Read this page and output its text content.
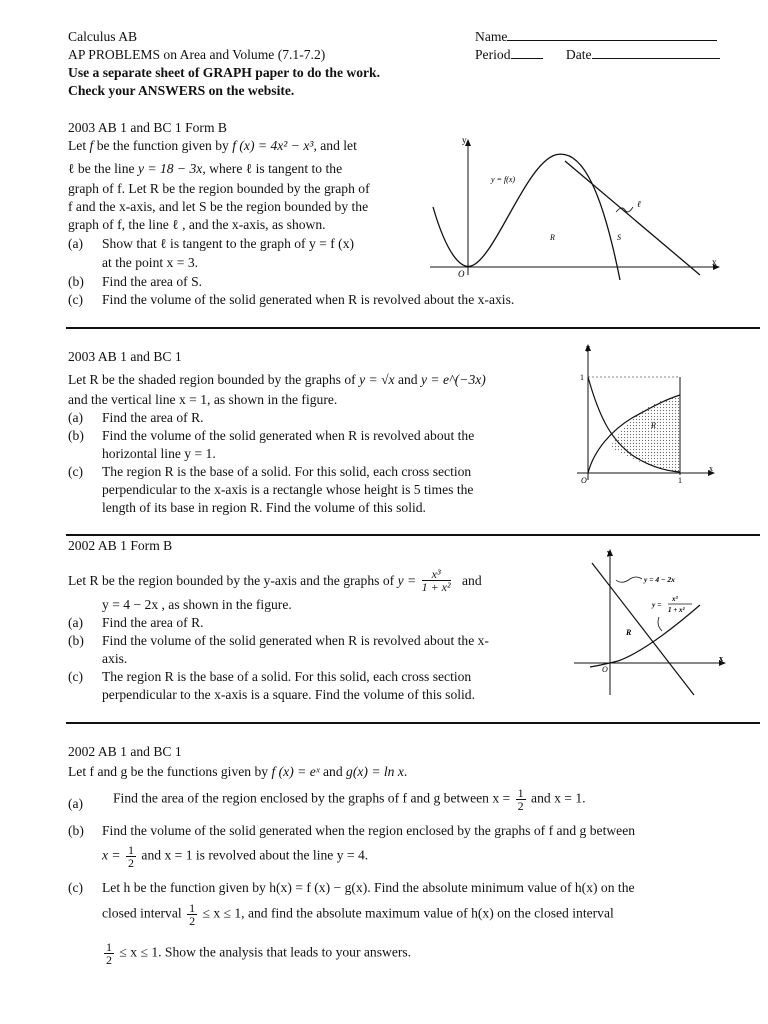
Calculus AB
AP PROBLEMS on Area and Volume (7.1-7.2)
Use a separate sheet of GRAPH paper to do the work.
Check your ANSWERS on the website.
Name
Period	Date
2003 AB 1 and BC 1 Form B
Let f be the function given by f (x) = 4x² − x³, and let
ℓ be the line y = 18 − 3x, where ℓ is tangent to the
graph of f. Let R be the region bounded by the graph of
f and the x-axis, and let S be the region bounded by the
graph of f, the line ℓ , and the x-axis, as shown.
(a) Show that ℓ is tangent to the graph of y = f (x)
at the point x = 3.
(b) Find the area of S.
(c) Find the volume of the solid generated when R is revolved about the x-axis.
y
x
O
y = f(x)
ℓ
R	S
2003 AB 1 and BC 1
Let R be the shaded region bounded by the graphs of y = √x and y = e^(−3x)
and the vertical line x = 1, as shown in the figure.
(a) Find the area of R.
(b) Find the volume of the solid generated when R is revolved about the
horizontal line y = 1.
(c) The region R is the base of a solid. For this solid, each cross section
perpendicular to the x-axis is a rectangle whose height is 5 times the
length of its base in region R. Find the volume of this solid.
y
x
O
1
1
R
2002 AB 1 Form B
Let R be the region bounded by the y-axis and the graphs of $y = \frac{\text{x³}}{\text{1 + x²}}$ and
y = 4 − 2x , as shown in the figure.
(a) Find the area of R.
(b) Find the volume of the solid generated when R is revolved about the x-
axis.
(c) The region R is the base of a solid. For this solid, each cross section
perpendicular to the x-axis is a square. Find the volume of this solid.
y
x
O
y = 4 − 2x
y =
x³
1 + x²
R
2002 AB 1 and BC 1
Let f and g be the functions given by f (x) = eˣ and g(x) = ln x.
(a) Find the area of the region enclosed by the graphs of f and g between $x = \frac{1}{2}$ and x = 1.
(b) Find the volume of the solid generated when the region enclosed by the graphs of f and g between
$x = \frac{1}{2}$ and x = 1 is revolved about the line y = 4.
(c) Let h be the function given by h(x) = f (x) − g(x). Find the absolute minimum value of h(x) on the
closed interval $\frac{1}{2} \le x \le 1$, and find the absolute maximum value of h(x) on the closed interval
$\frac{1}{2} \le x \le 1$. Show the analysis that leads to your answers.
